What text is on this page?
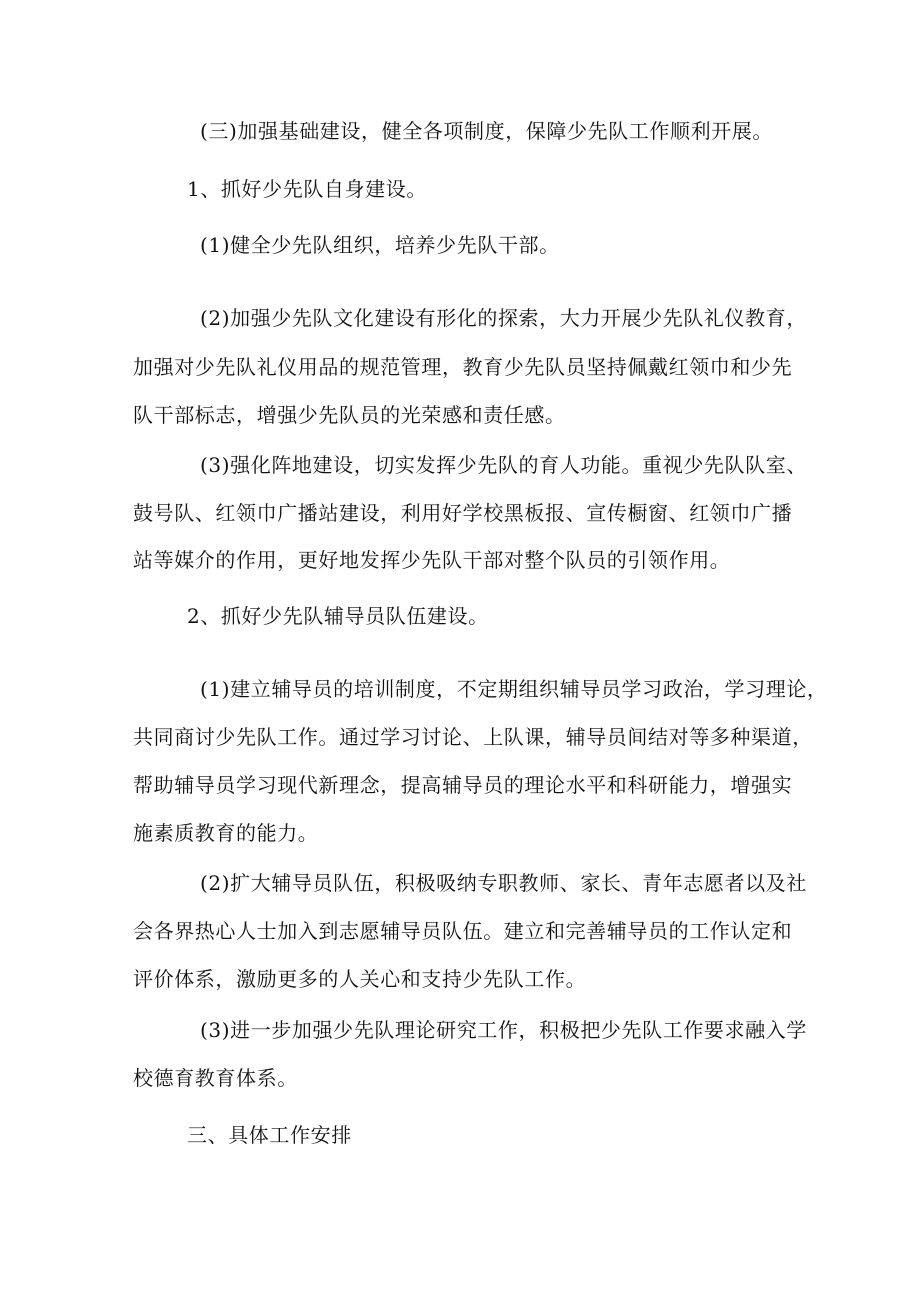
(三)加强基础建设，健全各项制度，保障少先队工作顺利开展。
1、抓好少先队自身建设。
(1)健全少先队组织，培养少先队干部。
(2)加强少先队文化建设有形化的探索，大力开展少先队礼仪教育，
加强对少先队礼仪用品的规范管理，教育少先队员坚持佩戴红领巾和少先
队干部标志，增强少先队员的光荣感和责任感。
(3)强化阵地建设，切实发挥少先队的育人功能。重视少先队队室、
鼓号队、红领巾广播站建设，利用好学校黑板报、宣传橱窗、红领巾广播
站等媒介的作用，更好地发挥少先队干部对整个队员的引领作用。
2、抓好少先队辅导员队伍建设。
(1)建立辅导员的培训制度，不定期组织辅导员学习政治，学习理论，
共同商讨少先队工作。通过学习讨论、上队课，辅导员间结对等多种渠道，
帮助辅导员学习现代新理念，提高辅导员的理论水平和科研能力，增强实
施素质教育的能力。
(2)扩大辅导员队伍，积极吸纳专职教师、家长、青年志愿者以及社
会各界热心人士加入到志愿辅导员队伍。建立和完善辅导员的工作认定和
评价体系，激励更多的人关心和支持少先队工作。
(3)进一步加强少先队理论研究工作，积极把少先队工作要求融入学
校德育教育体系。
三、具体工作安排
